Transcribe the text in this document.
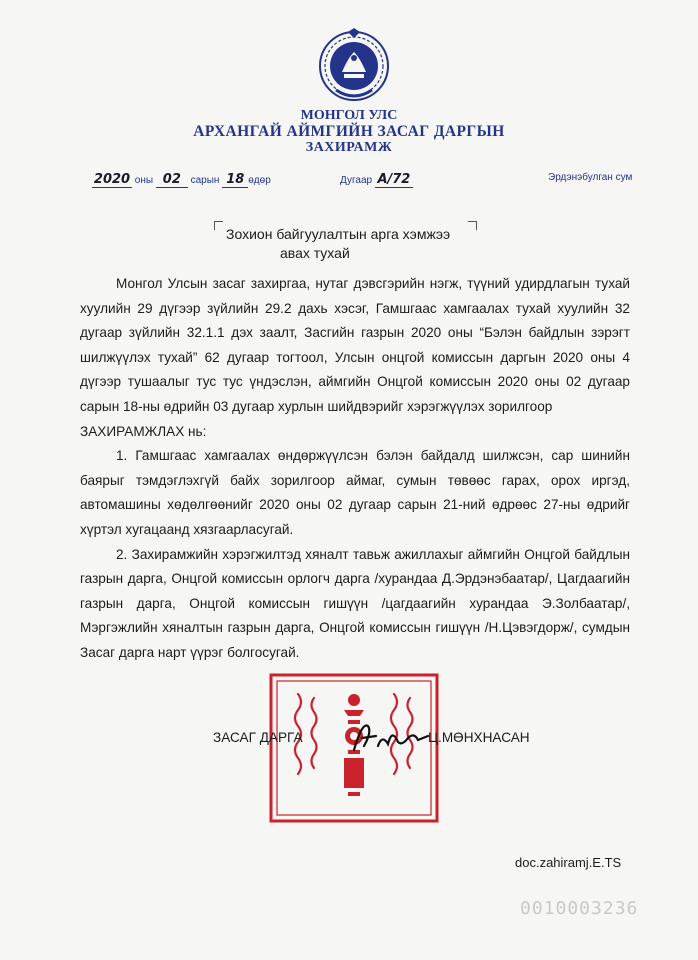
МОНГОЛ УЛС
АРХАНГАЙ АЙМГИЙН ЗАСАГ ДАРГЫН
ЗАХИРАМЖ
2020 оны 02 сарын 18 өдөр	Дугаар А/72	Эрдэнэбулган сум
Зохион байгуулалтын арга хэмжээ
авах тухай

Монгол Улсын засаг захиргаа, нутаг дэвсгэрийн нэгж, түүний удирдлагын тухай хуулийн 29 дүгээр зүйлийн 29.2 дахь хэсэг, Гамшгаас хамгаалах тухай хуулийн 32 дугаар зүйлийн 32.1.1 дэх заалт, Засгийн газрын 2020 оны “Бэлэн байдлын зэрэгт шилжүүлэх тухай” 62 дугаар тогтоол, Улсын онцгой комиссын даргын 2020 оны 4 дүгээр тушаалыг тус тус үндэслэн, аймгийн Онцгой комиссын 2020 оны 02 дугаар сарын 18-ны өдрийн 03 дугаар хурлын шийдвэрийг хэрэгжүүлэх зорилгоор

ЗАХИРАМЖЛАХ нь:

1. Гамшгаас хамгаалах өндөржүүлсэн бэлэн байдалд шилжсэн, сар шинийн баярыг тэмдэглэхгүй байх зорилгоор аймаг, сумын төвөөс гарах, орох иргэд, автомашины хөдөлгөөнийг 2020 оны 02 дугаар сарын 21-ний өдрөөс 27-ны өдрийг хүртэл хугацаанд хязгаарласугай.

2. Захирамжийн хэрэгжилтэд хяналт тавьж ажиллахыг аймгийн Онцгой байдлын газрын дарга, Онцгой комиссын орлогч дарга /хурандаа Д.Эрдэнэбаатар/, Цагдаагийн газрын дарга, Онцгой комиссын гишүүн /цагдаагийн хурандаа Э.Золбаатар/, Мэргэжлийн хяналтын газрын дарга, Онцгой комиссын гишүүн /Н.Цэвэгдорж/, сумдын Засаг дарга нарт үүрэг болгосугай.

ЗАСАГ ДАРГА	Ц.МӨНХНАСАН
doc.zahiramj.E.TS
0010003236
